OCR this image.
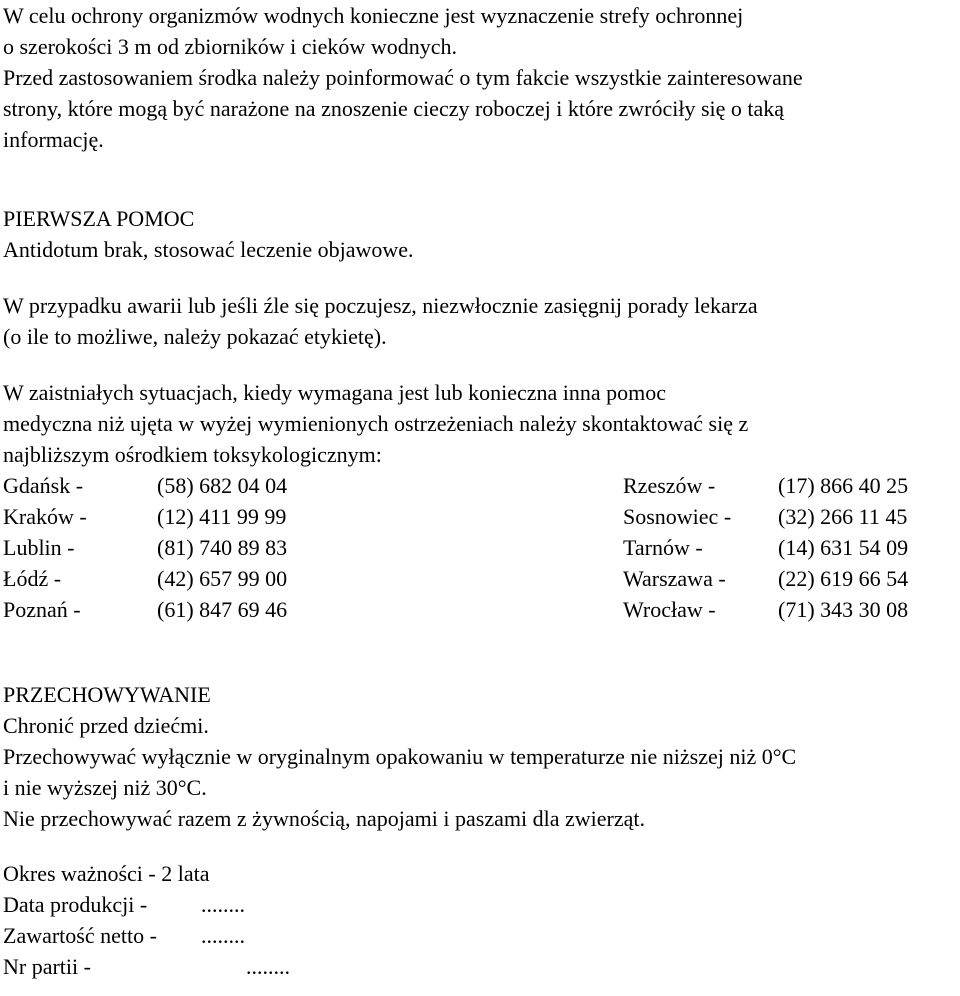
W celu ochrony organizmów wodnych konieczne jest wyznaczenie strefy ochronnej

o szerokości 3 m od zbiorników i cieków wodnych.

Przed zastosowaniem środka należy poinformować o tym fakcie wszystkie zainteresowane

strony, które mogą być narażone na znoszenie cieczy roboczej i które zwróciły się o taką

informację.

PIERWSZA POMOC

Antidotum brak, stosować leczenie objawowe.

W przypadku awarii lub jeśli źle się poczujesz, niezwłocznie zasięgnij porady lekarza

(o ile to możliwe, należy pokazać etykietę).

W zaistniałych sytuacjach, kiedy wymagana jest lub konieczna inna pomoc

medyczna niż ujęta w wyżej wymienionych ostrzeżeniach należy skontaktować się z

najbliższym ośrodkiem toksykologicznym:

Gdańsk -	(58) 682 04 04	Rzeszów -	(17) 866 40 25
Kraków -	(12) 411 99 99	Sosnowiec - (32) 266 11 45
Lublin -	(81) 740 89 83	Tarnów -	(14) 631 54 09
Łódź -	(42) 657 99 00	Warszawa - (22) 619 66 54
Poznań -	(61) 847 69 46	Wrocław -	(71) 343 30 08

PRZECHOWYWANIE

Chronić przed dziećmi.

Przechowywać wyłącznie w oryginalnym opakowaniu w temperaturze nie niższej niż 0°C

i nie wyższej niż 30°C.

Nie przechowywać razem z żywnością, napojami i paszami dla zwierząt.

Okres ważności - 2 lata
Data produkcji - ........
Zawartość netto - ........
Nr partii -	........
